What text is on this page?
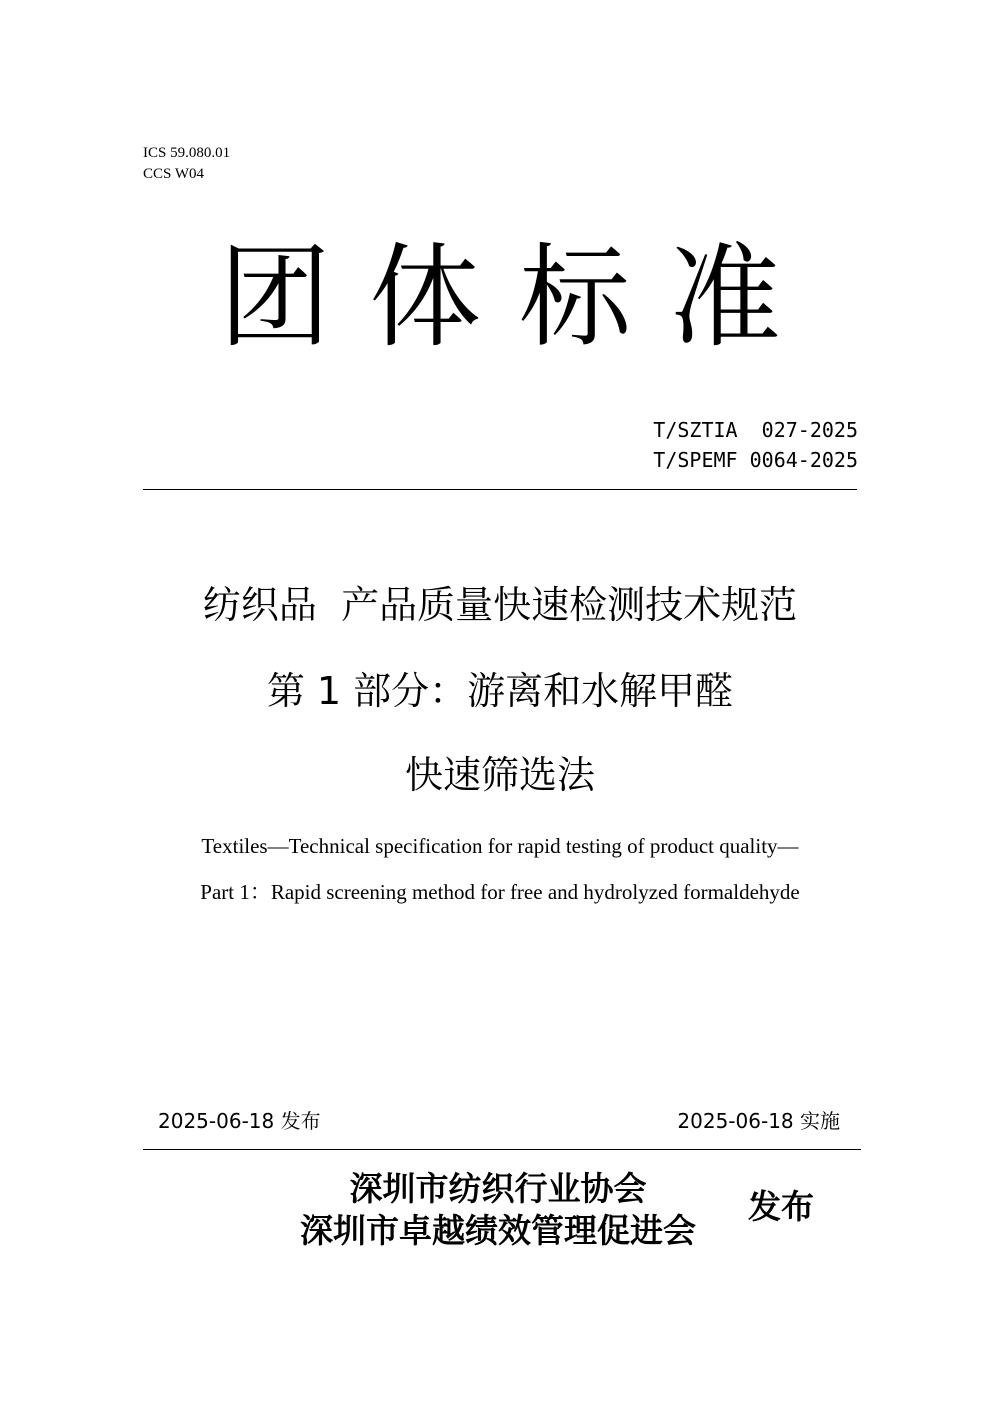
ICS 59.080.01
CCS W04
团体标准
T/SZTIA  027-2025
T/SPEMF 0064-2025
纺织品  产品质量快速检测技术规范
第 1 部分：游离和水解甲醛
快速筛选法
Textiles—Technical specification for rapid testing of product quality—
Part 1：Rapid screening method for free and hydrolyzed formaldehyde
2025-06-18 发布	2025-06-18 实施
深圳市纺织行业协会
深圳市卓越绩效管理促进会
发布
